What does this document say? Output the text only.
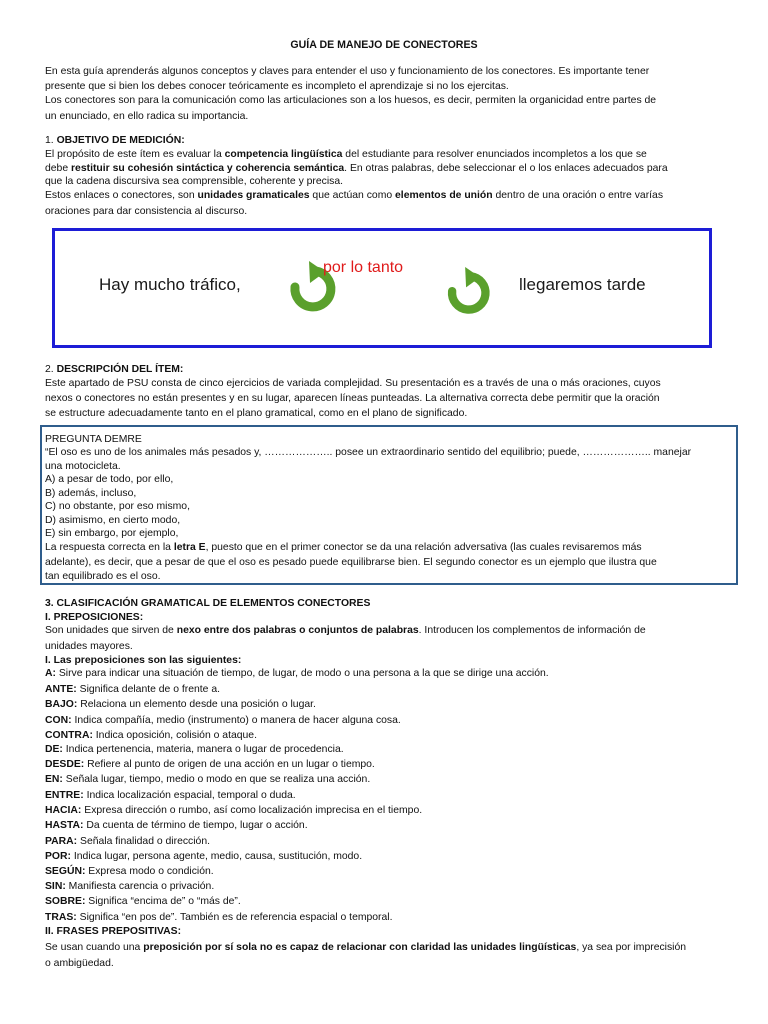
GUÍA DE MANEJO DE CONECTORES
En esta guía aprenderás algunos conceptos y claves para entender el uso y funcionamiento de los conectores. Es importante tener
presente que si bien los debes conocer teóricamente es incompleto el aprendizaje si no los ejercitas.
Los conectores son para la comunicación como las articulaciones son a los huesos, es decir, permiten la organicidad entre partes de
un enunciado, en ello radica su importancia.
1. OBJETIVO DE MEDICIÓN:
El propósito de este ítem es evaluar la competencia lingüística del estudiante para resolver enunciados incompletos a los que se
debe restituir su cohesión sintáctica y coherencia semántica. En otras palabras, debe seleccionar el o los enlaces adecuados para
que la cadena discursiva sea comprensible, coherente y precisa.
Estos enlaces o conectores, son unidades gramaticales que actúan como elementos de unión dentro de una oración o entre varías
oraciones para dar consistencia al discurso.
Hay mucho tráfico,
por lo tanto
llegaremos tarde
2. DESCRIPCIÓN DEL ÍTEM:
Este apartado de PSU consta de cinco ejercicios de variada complejidad. Su presentación es a través de una o más oraciones, cuyos
nexos o conectores no están presentes y en su lugar, aparecen líneas punteadas. La alternativa correcta debe permitir que la oración
se estructure adecuadamente tanto en el plano gramatical, como en el plano de significado.
PREGUNTA DEMRE
“El oso es uno de los animales más pesados y, ……………….. posee un extraordinario sentido del equilibrio; puede, ……………….. manejar
una motocicleta.
A) a pesar de todo, por ello,
B) además, incluso,
C) no obstante, por eso mismo,
D) asimismo, en cierto modo,
E) sin embargo, por ejemplo,
La respuesta correcta en la letra E, puesto que en el primer conector se da una relación adversativa (las cuales revisaremos más
adelante), es decir, que a pesar de que el oso es pesado puede equilibrarse bien. El segundo conector es un ejemplo que ilustra que
tan equilibrado es el oso.
3. CLASIFICACIÓN GRAMATICAL DE ELEMENTOS CONECTORES
I. PREPOSICIONES:
Son unidades que sirven de nexo entre dos palabras o conjuntos de palabras. Introducen los complementos de información de
unidades mayores.
I. Las preposiciones son las siguientes:
A: Sirve para indicar una situación de tiempo, de lugar, de modo o una persona a la que se dirige una acción.
ANTE: Significa delante de o frente a.
BAJO: Relaciona un elemento desde una posición o lugar.
CON: Indica compañía, medio (instrumento) o manera de hacer alguna cosa.
CONTRA: Indica oposición, colisión o ataque.
DE: Indica pertenencia, materia, manera o lugar de procedencia.
DESDE: Refiere al punto de origen de una acción en un lugar o tiempo.
EN: Señala lugar, tiempo, medio o modo en que se realiza una acción.
ENTRE: Indica localización espacial, temporal o duda.
HACIA: Expresa dirección o rumbo, así como localización imprecisa en el tiempo.
HASTA: Da cuenta de término de tiempo, lugar o acción.
PARA: Señala finalidad o dirección.
POR: Indica lugar, persona agente, medio, causa, sustitución, modo.
SEGÚN: Expresa modo o condición.
SIN: Manifiesta carencia o privación.
SOBRE: Significa “encima de” o “más de”.
TRAS: Significa “en pos de”. También es de referencia espacial o temporal.
II. FRASES PREPOSITIVAS:
Se usan cuando una preposición por sí sola no es capaz de relacionar con claridad las unidades lingüísticas, ya sea por imprecisión
o ambigüedad.
